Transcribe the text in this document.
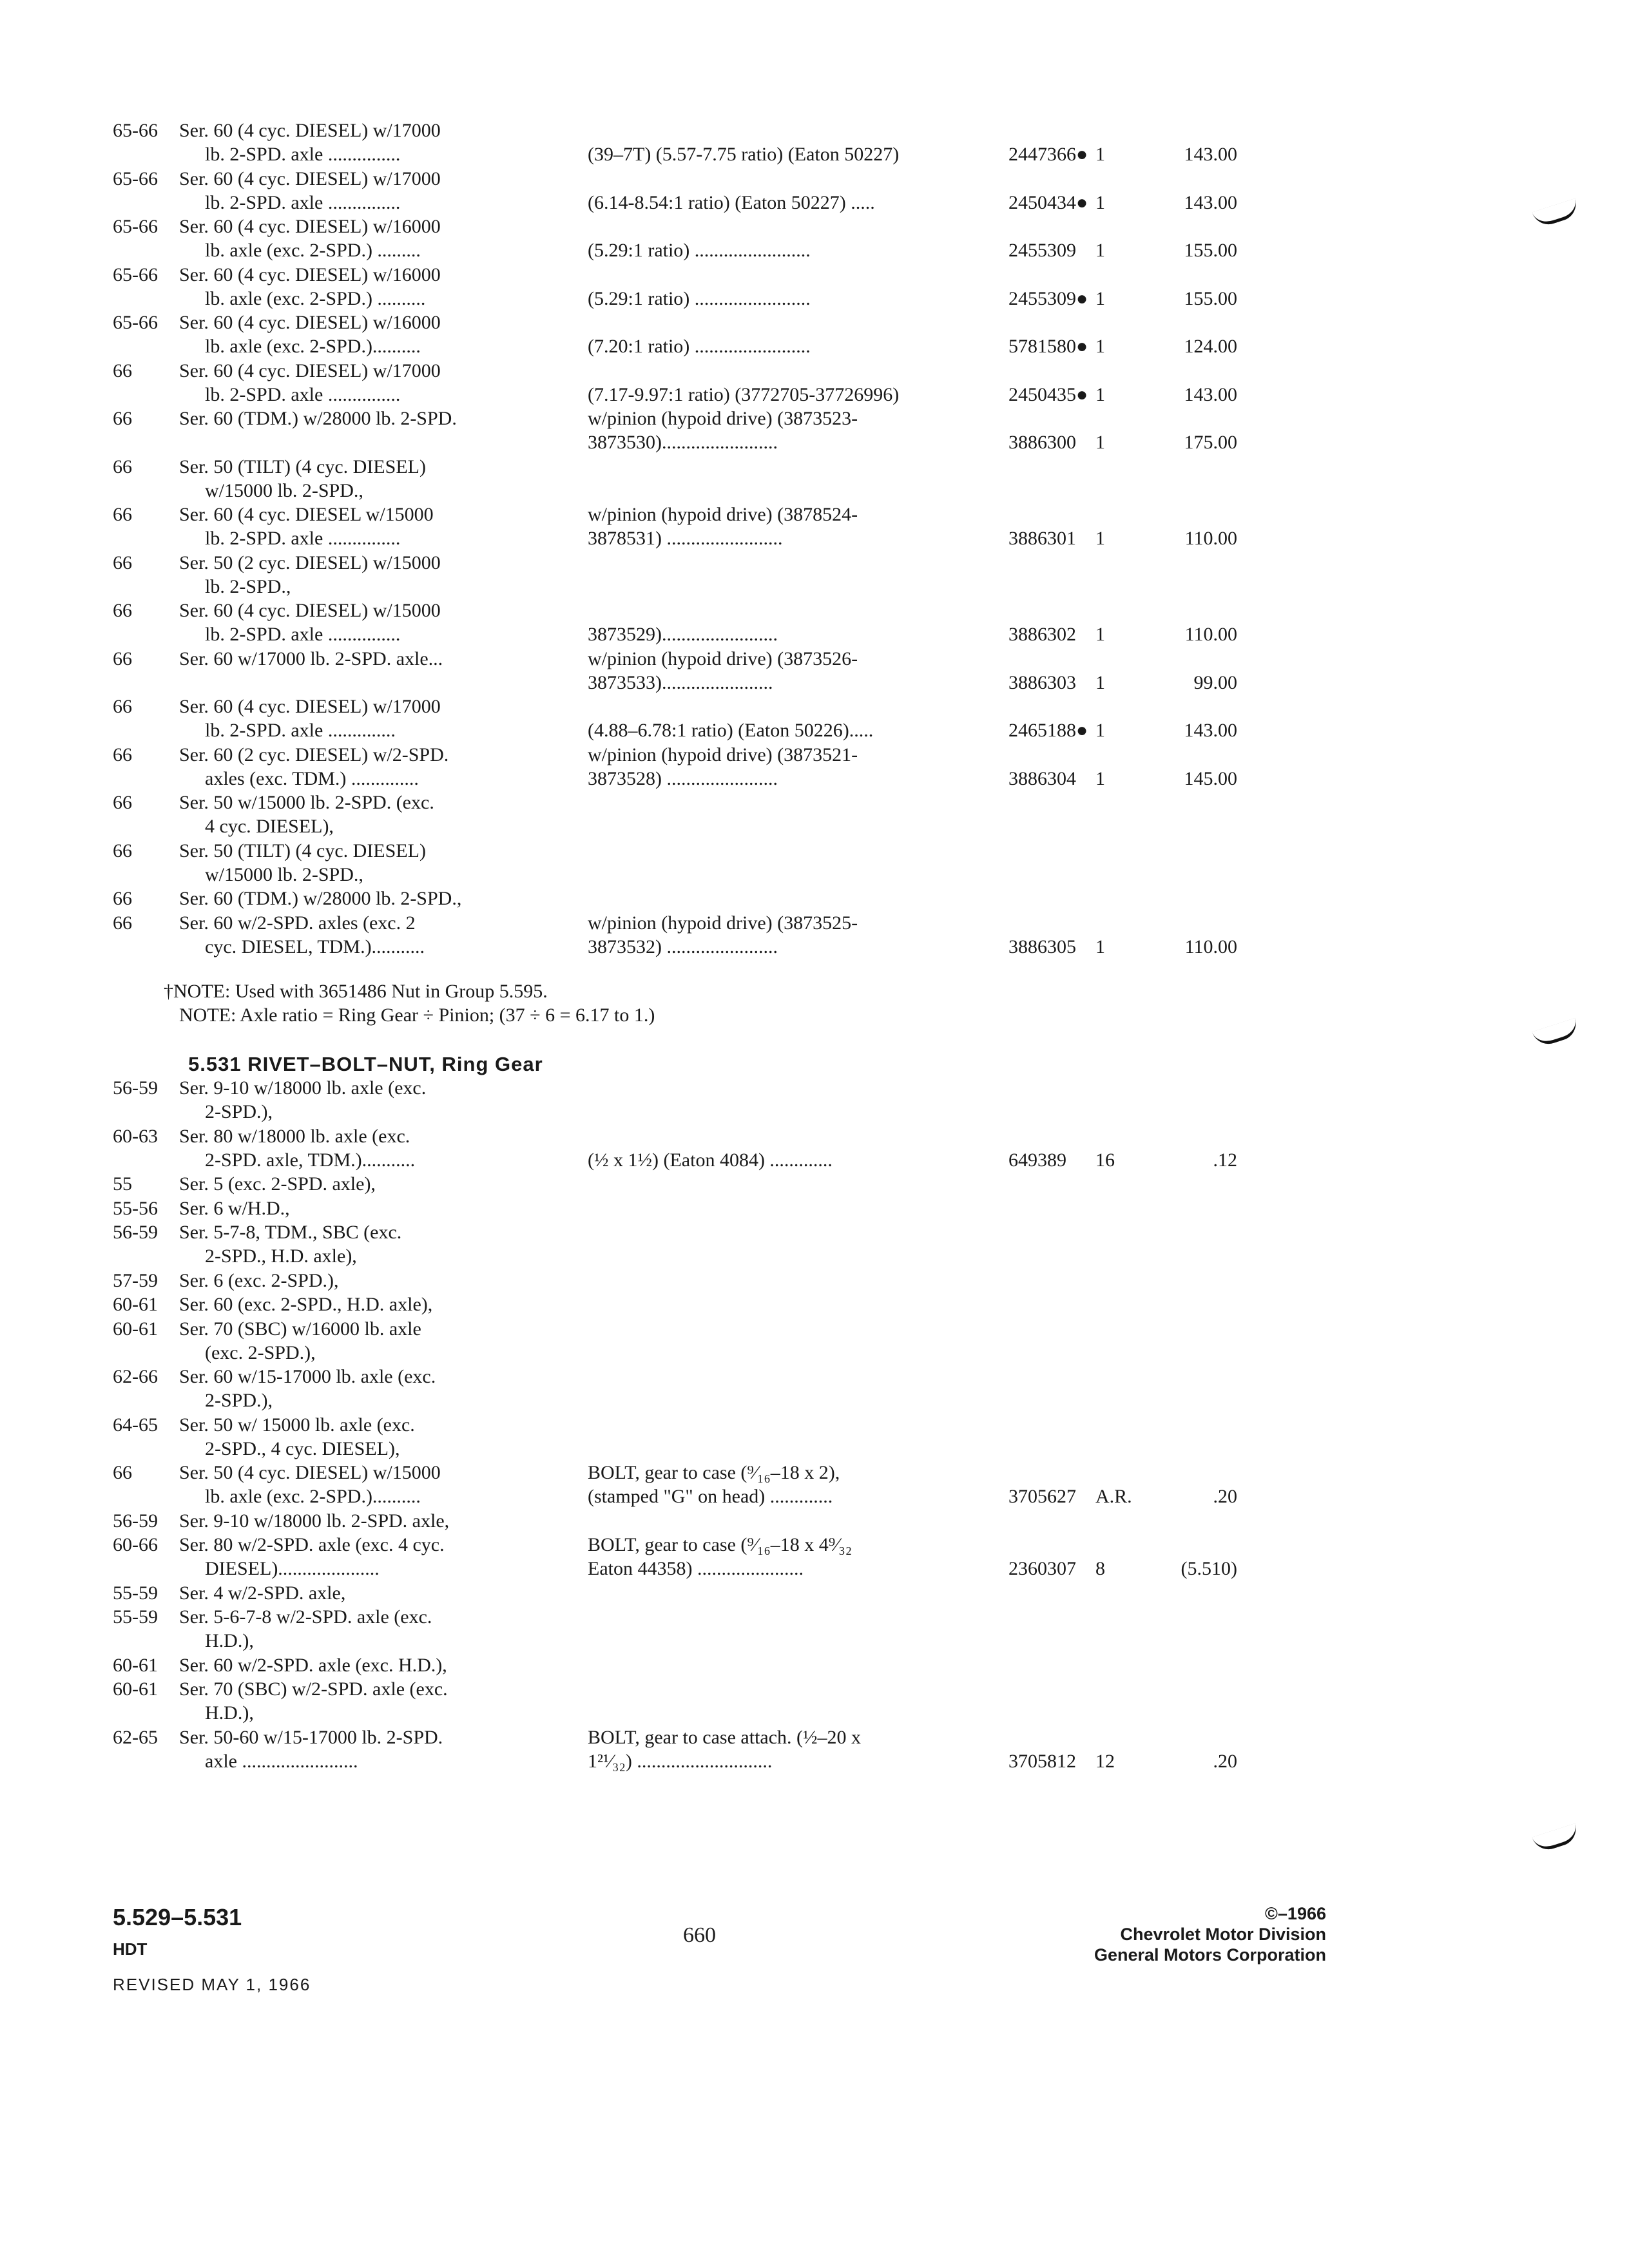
65-66 Ser. 60 (4 cyc. DIESEL) w/17000
lb. 2-SPD. axle ...............	(39–7T) (5.57-7.75 ratio) (Eaton 50227)	2447366● 1	143.00
65-66 Ser. 60 (4 cyc. DIESEL) w/17000
lb. 2-SPD. axle ...............	(6.14-8.54:1 ratio) (Eaton 50227) .....	2450434● 1	143.00
65-66 Ser. 60 (4 cyc. DIESEL) w/16000
lb. axle (exc. 2-SPD.) .........	(5.29:1 ratio) ........................	2455309 1	155.00
65-66 Ser. 60 (4 cyc. DIESEL) w/16000
lb. axle (exc. 2-SPD.) ..........	(5.29:1 ratio) ........................	2455309● 1	155.00
65-66 Ser. 60 (4 cyc. DIESEL) w/16000
lb. axle (exc. 2-SPD.)..........	(7.20:1 ratio) ........................	5781580● 1	124.00
66 Ser. 60 (4 cyc. DIESEL) w/17000
lb. 2-SPD. axle ...............	(7.17-9.97:1 ratio) (3772705-37726996)	2450435● 1	143.00
66 Ser. 60 (TDM.) w/28000 lb. 2-SPD.	w/pinion (hypoid drive) (3873523-
3873530)........................	3886300 1	175.00
66 Ser. 50 (TILT) (4 cyc. DIESEL)
w/15000 lb. 2-SPD.,
66 Ser. 60 (4 cyc. DIESEL w/15000	w/pinion (hypoid drive) (3878524-
lb. 2-SPD. axle ...............	3878531) ........................	3886301 1	110.00
66 Ser. 50 (2 cyc. DIESEL) w/15000
lb. 2-SPD.,
66 Ser. 60 (4 cyc. DIESEL) w/15000
lb. 2-SPD. axle ...............	3873529)........................	3886302 1	110.00
66 Ser. 60 w/17000 lb. 2-SPD. axle...	w/pinion (hypoid drive) (3873526-
3873533).......................	3886303 1	99.00
66 Ser. 60 (4 cyc. DIESEL) w/17000
lb. 2-SPD. axle ..............	(4.88–6.78:1 ratio) (Eaton 50226).....	2465188● 1	143.00
66 Ser. 60 (2 cyc. DIESEL) w/2-SPD.	w/pinion (hypoid drive) (3873521-
axles (exc. TDM.) ..............	3873528) .......................	3886304 1	145.00
66 Ser. 50 w/15000 lb. 2-SPD. (exc.
4 cyc. DIESEL),
66 Ser. 50 (TILT) (4 cyc. DIESEL)
w/15000 lb. 2-SPD.,
66 Ser. 60 (TDM.) w/28000 lb. 2-SPD.,
66 Ser. 60 w/2-SPD. axles (exc. 2	w/pinion (hypoid drive) (3873525-
cyc. DIESEL, TDM.)...........	3873532) .......................	3886305 1	110.00
†NOTE: Used with 3651486 Nut in Group 5.595.
NOTE: Axle ratio = Ring Gear ÷ Pinion; (37 ÷ 6 = 6.17 to 1.)
5.531 RIVET–BOLT–NUT, Ring Gear
56-59 Ser. 9-10 w/18000 lb. axle (exc.
2-SPD.),
60-63 Ser. 80 w/18000 lb. axle (exc.
2-SPD. axle, TDM.)...........	(½ x 1½) (Eaton 4084) .............	649389 16	.12
55 Ser. 5 (exc. 2-SPD. axle),
55-56 Ser. 6 w/H.D.,
56-59 Ser. 5-7-8, TDM., SBC (exc.
2-SPD., H.D. axle),
57-59 Ser. 6 (exc. 2-SPD.),
60-61 Ser. 60 (exc. 2-SPD., H.D. axle),
60-61 Ser. 70 (SBC) w/16000 lb. axle
(exc. 2-SPD.),
62-66 Ser. 60 w/15-17000 lb. axle (exc.
2-SPD.),
64-65 Ser. 50 w/ 15000 lb. axle (exc.
2-SPD., 4 cyc. DIESEL),
66 Ser. 50 (4 cyc. DIESEL) w/15000	BOLT, gear to case (⁹⁄₁₆–18 x 2),
lb. axle (exc. 2-SPD.)..........	(stamped "G" on head) .............	3705627 A.R.	.20
56-59 Ser. 9-10 w/18000 lb. 2-SPD. axle,
60-66 Ser. 80 w/2-SPD. axle (exc. 4 cyc.	BOLT, gear to case (⁹⁄₁₆–18 x 4⁹⁄₃₂
DIESEL).....................	Eaton 44358) ......................	2360307 8	(5.510)
55-59 Ser. 4 w/2-SPD. axle,
55-59 Ser. 5-6-7-8 w/2-SPD. axle (exc.
H.D.),
60-61 Ser. 60 w/2-SPD. axle (exc. H.D.),
60-61 Ser. 70 (SBC) w/2-SPD. axle (exc.
H.D.),
62-65 Ser. 50-60 w/15-17000 lb. 2-SPD.	BOLT, gear to case attach. (½–20 x
axle ........................	1²¹⁄₃₂) ............................	3705812 12	.20
5.529–5.531
HDT
REVISED MAY 1, 1966
660
©–1966
Chevrolet Motor Division
General Motors Corporation
